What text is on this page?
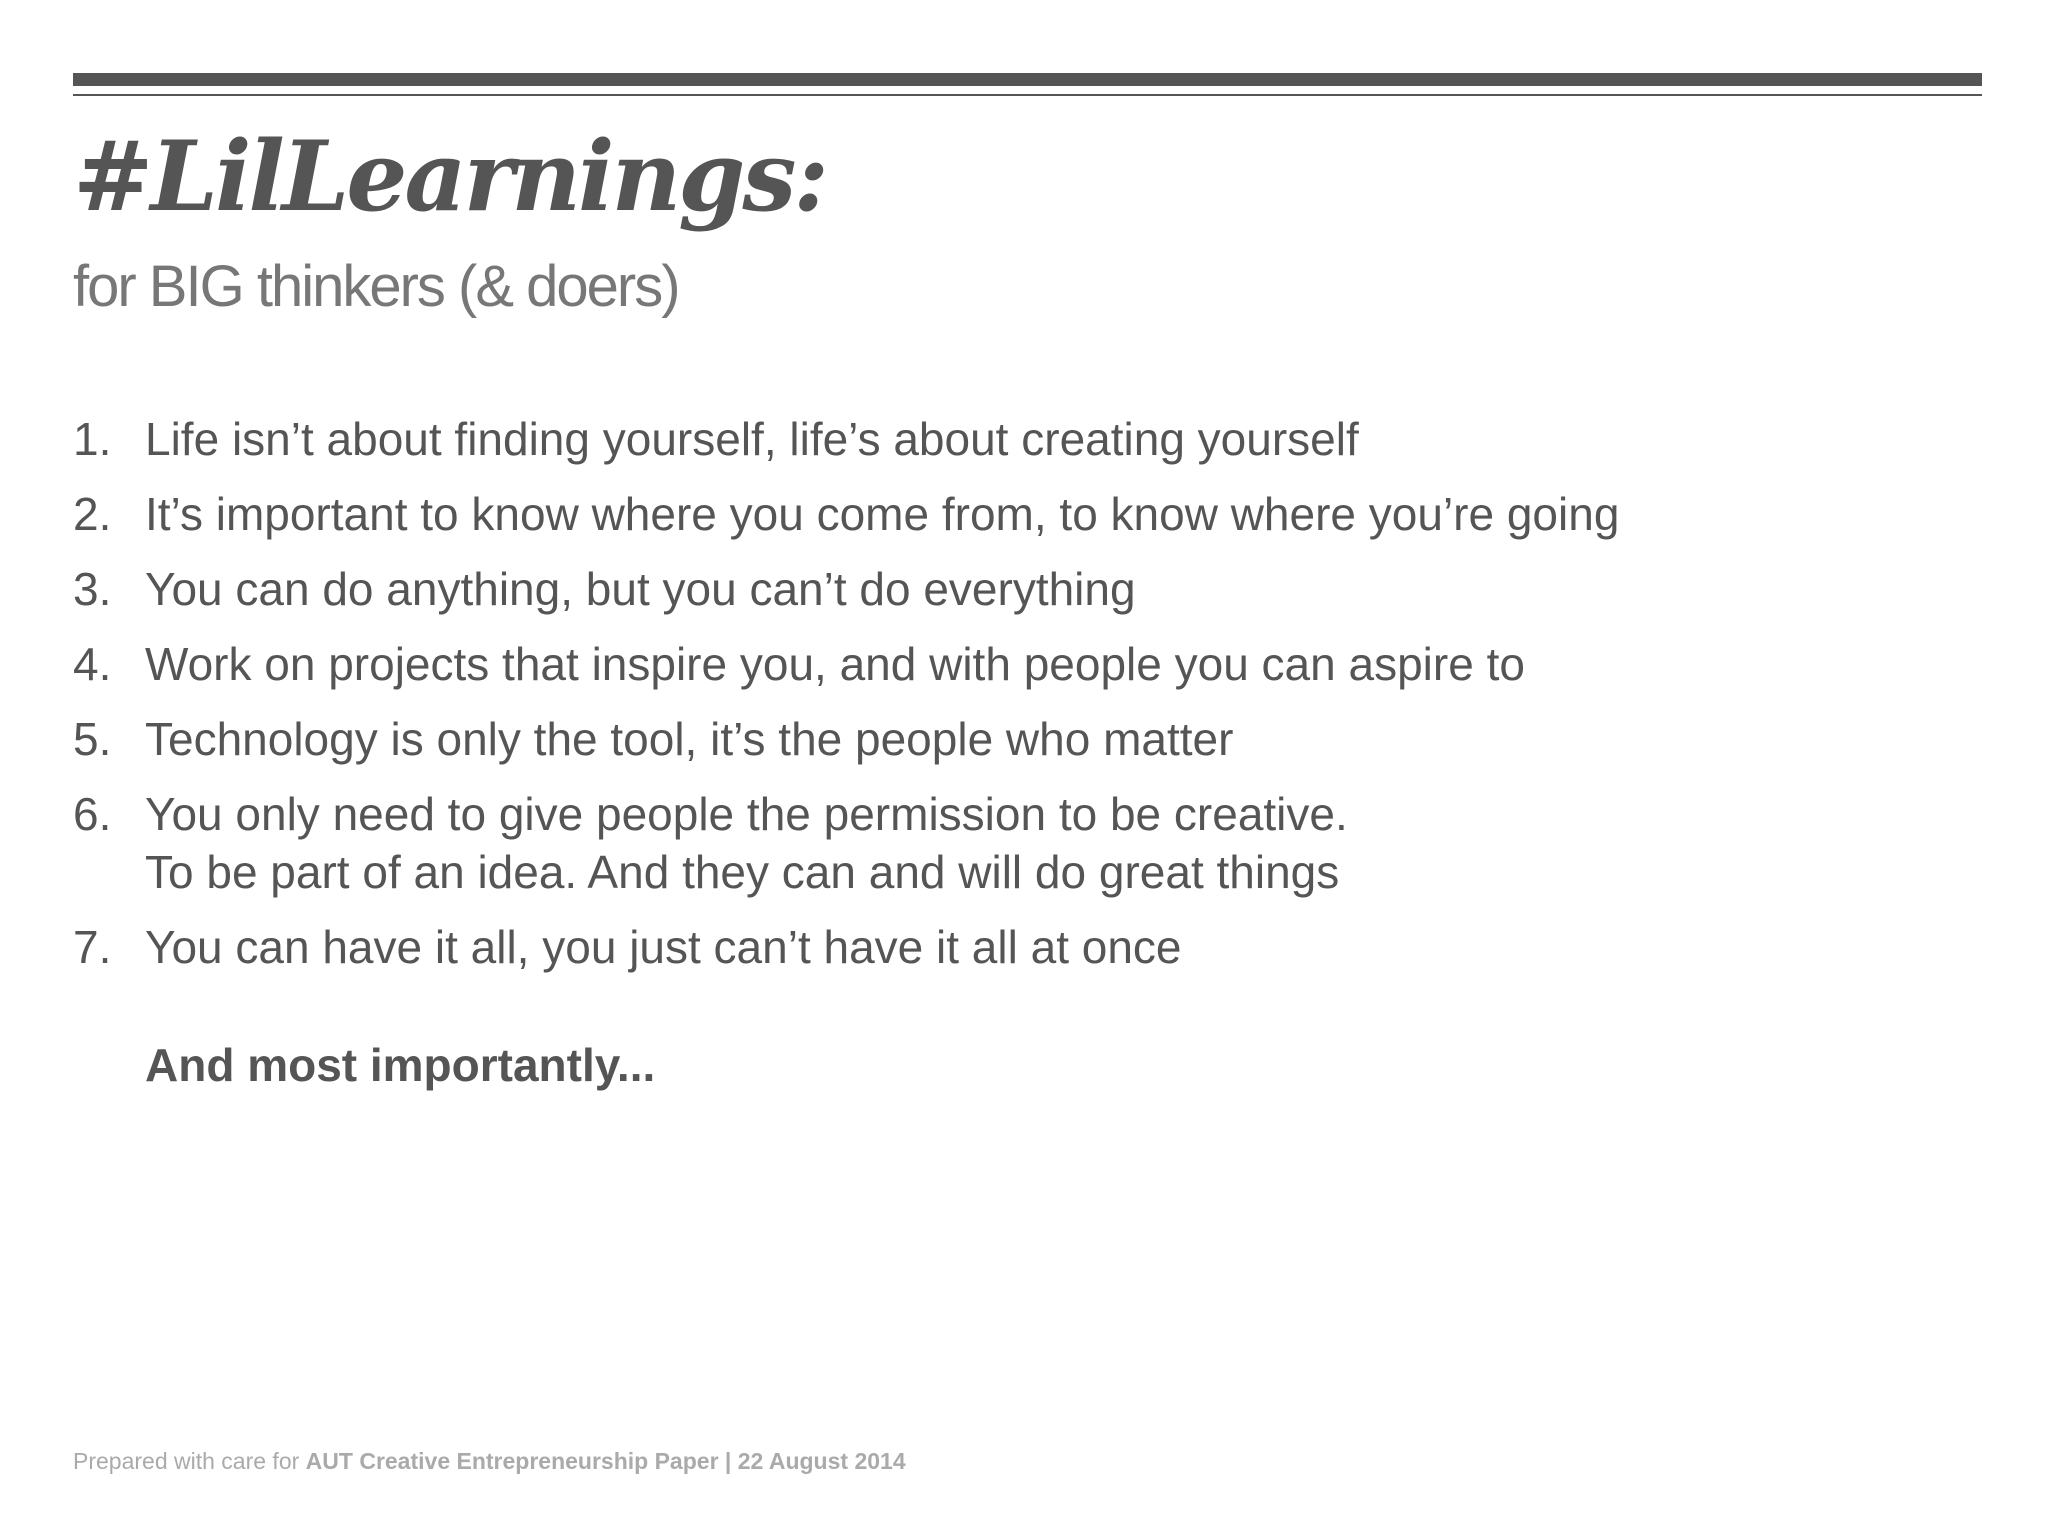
#LilLearnings:
for BIG thinkers (& doers)
1. Life isn’t about finding yourself, life’s about creating yourself
2. It’s important to know where you come from, to know where you’re going
3. You can do anything, but you can’t do everything
4. Work on projects that inspire you, and with people you can aspire to
5. Technology is only the tool, it’s the people who matter
6. You only need to give people the permission to be creative.
To be part of an idea. And they can and will do great things
7. You can have it all, you just can’t have it all at once

And most importantly...

Prepared with care for AUT Creative Entrepreneurship Paper | 22 August 2014
